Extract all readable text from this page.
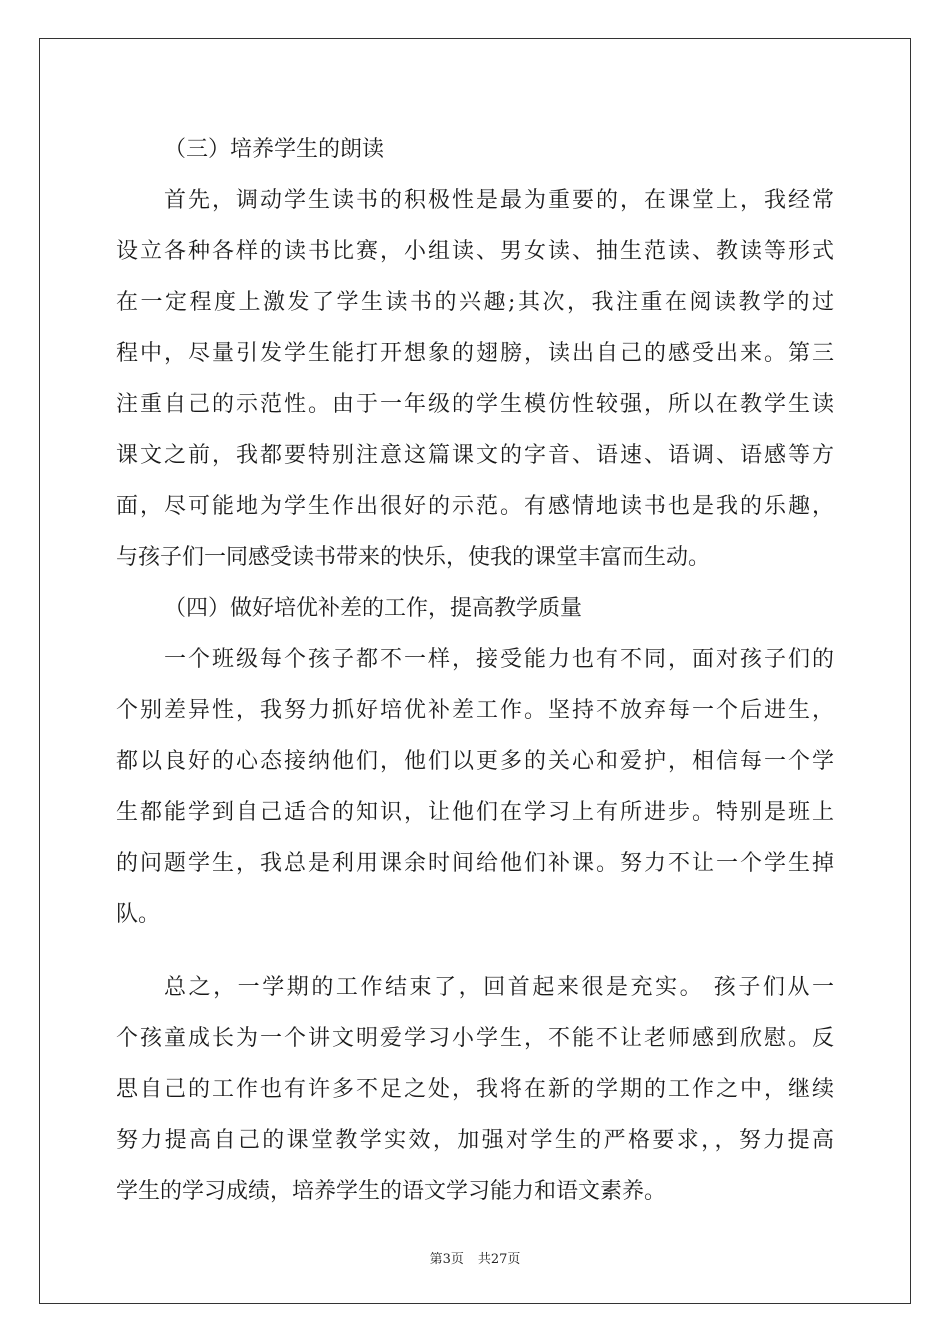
（三）培养学生的朗读
首先，调动学生读书的积极性是最为重要的，在课堂上，我经常
设立各种各样的读书比赛，小组读、男女读、抽生范读、教读等形式
在一定程度上激发了学生读书的兴趣;其次，我注重在阅读教学的过
程中，尽量引发学生能打开想象的翅膀，读出自己的感受出来。第三
注重自己的示范性。由于一年级的学生模仿性较强，所以在教学生读
课文之前，我都要特别注意这篇课文的字音、语速、语调、语感等方
面，尽可能地为学生作出很好的示范。有感情地读书也是我的乐趣，
与孩子们一同感受读书带来的快乐，使我的课堂丰富而生动。
（四）做好培优补差的工作，提高教学质量
一个班级每个孩子都不一样，接受能力也有不同，面对孩子们的
个别差异性，我努力抓好培优补差工作。坚持不放弃每一个后进生，
都以良好的心态接纳他们，他们以更多的关心和爱护，相信每一个学
生都能学到自己适合的知识，让他们在学习上有所进步。特别是班上
的问题学生，我总是利用课余时间给他们补课。努力不让一个学生掉
队。
总之，一学期的工作结束了，回首起来很是充实。 孩子们从一
个孩童成长为一个讲文明爱学习小学生，不能不让老师感到欣慰。反
思自己的工作也有许多不足之处，我将在新的学期的工作之中，继续
努力提高自己的课堂教学实效，加强对学生的严格要求，，努力提高
学生的学习成绩，培养学生的语文学习能力和语文素养。
第3页 共27页
